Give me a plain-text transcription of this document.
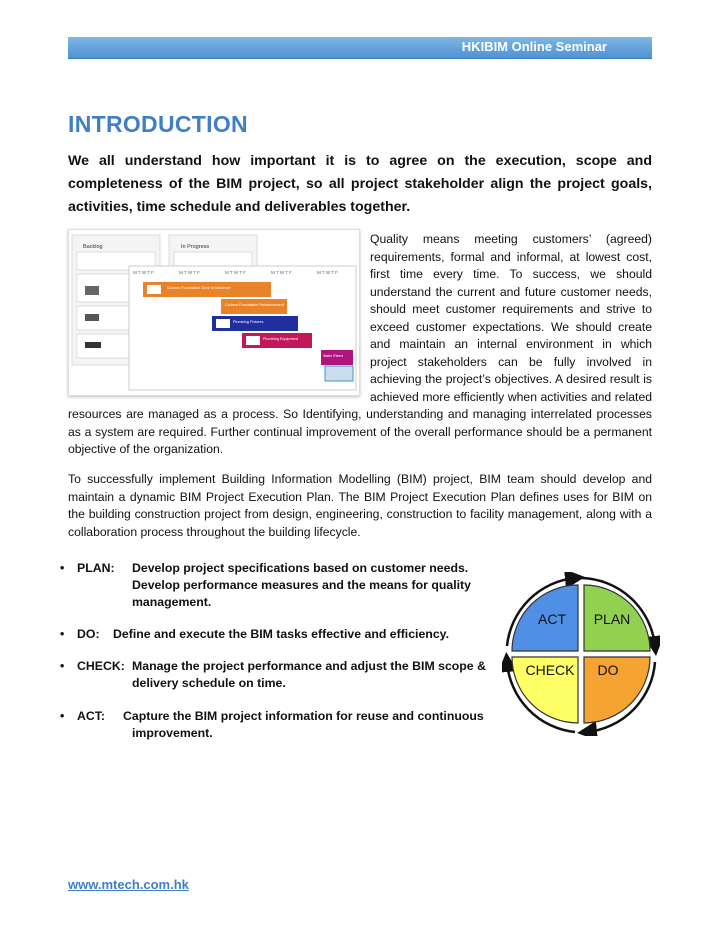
HKIBIM Online Seminar
INTRODUCTION
We all understand how important it is to agree on the execution, scope and completeness of the BIM project, so all project stakeholder align the project goals, activities, time schedule and deliverables together.
Backlog	In Progress
M T W T F	M T W T F	M T W T F	M T W T F	M T W T F
Column Foundation Zone of Influence
Column Foundation Reinforcement
Plumbing Fixtures
Plumbing Equipment
Water Risers
Quality means meeting customers’ (agreed) requirements, formal and informal, at lowest cost, first time every time. To success, we should understand the current and future customer needs, should meet customer requirements and strive to exceed customer expectations. We should create and maintain an internal environment in which project stakeholders can be fully involved in achieving the project’s objectives. A desired result is achieved more efficiently when activities and related resources are managed as a process. So Identifying, understanding and managing interrelated processes as a system are required. Further continual improvement of the overall performance should be a permanent objective of the organization.
To successfully implement Building Information Modelling (BIM) project, BIM team should develop and maintain a dynamic BIM Project Execution Plan. The BIM Project Execution Plan defines uses for BIM on the building construction project from design, engineering, construction to facility management, along with a collaboration process throughout the building lifecycle.
• PLAN: Develop project specifications based on customer needs.
Develop performance measures and the means for quality
management.
• DO: Define and execute the BIM tasks effective and efficiency.
• CHECK: Manage the project performance and adjust the BIM scope &
delivery schedule on time.
• ACT: Capture the BIM project information for reuse and continuous
improvement.
ACT PLAN
CHECK DO
www.mtech.com.hk
